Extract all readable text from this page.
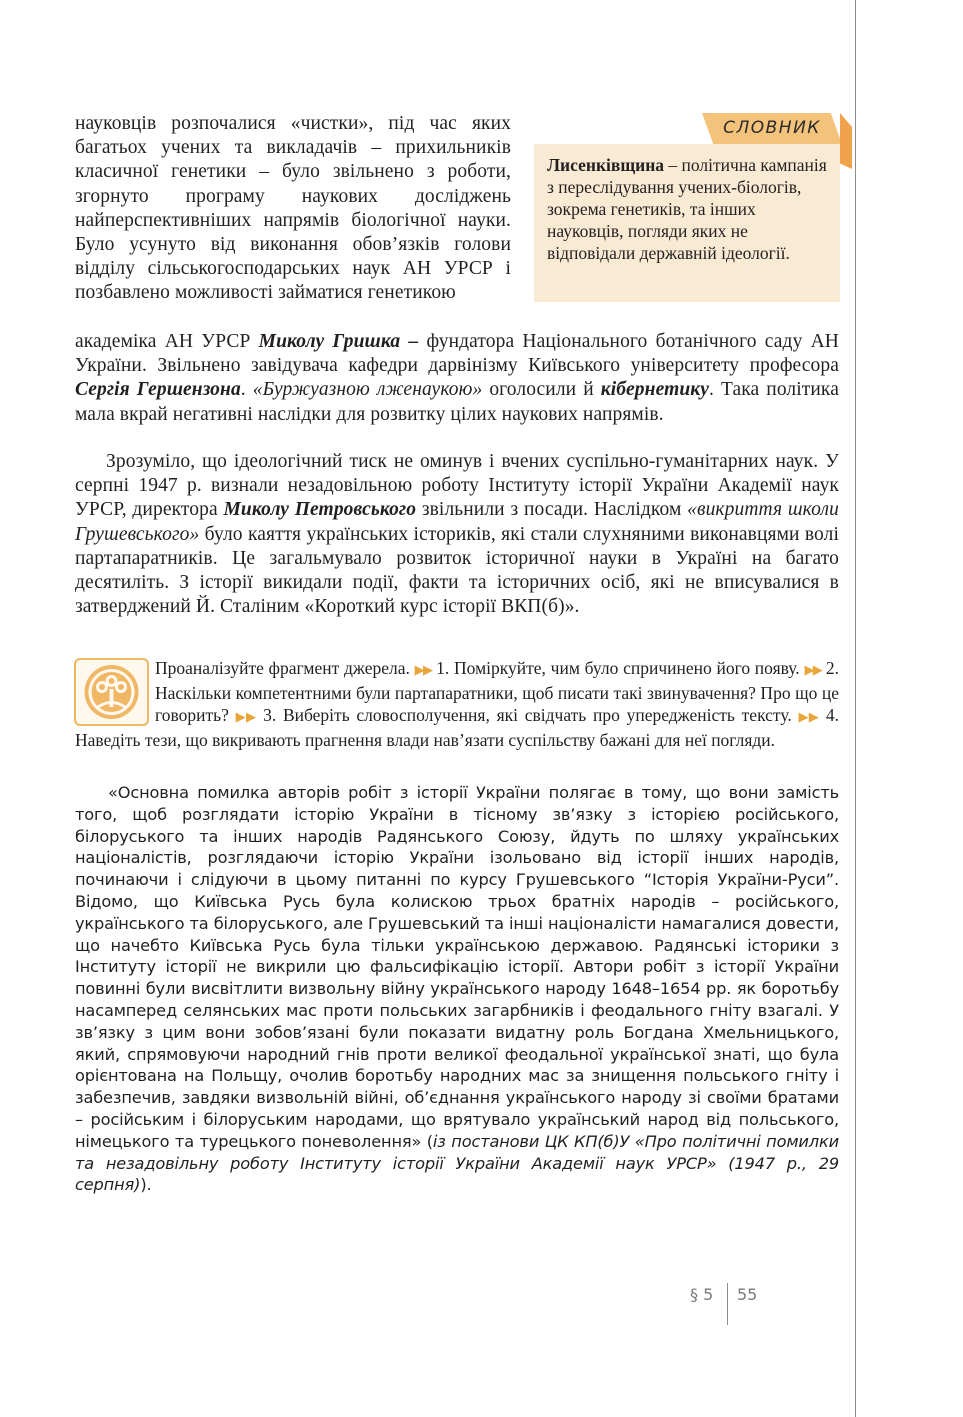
науковців розпочалися «чистки», під час яких багатьох учених та викладачів – прихильників класичної генетики – було звільнено з роботи, згорнуто програму наукових досліджень найперспективніших напрямів біологічної науки. Було усунуто від виконання обов’язків голови відділу сільськогосподарських наук АН УРСР і позбавлено можливості займатися генетикою

СЛОВНИК

Лисенківщина – політична кампанія з переслідування учених-біологів, зокрема генетиків, та інших науковців, погляди яких не відповідали державній ідеології.

академіка АН УРСР Миколу Гришка – фундатора Національного ботанічного саду АН України. Звільнено завідувача кафедри дарвінізму Київського університету професора Сергія Гершензона. «Буржуазною лженаукою» оголосили й кібернетику. Така політика мала вкрай негативні наслідки для розвитку цілих наукових напрямів.

Зрозуміло, що ідеологічний тиск не оминув і вчених суспільно-гуманітарних наук. У серпні 1947 р. визнали незадовільною роботу Інституту історії України Академії наук УРСР, директора Миколу Петровського звільнили з посади. Наслідком «викриття школи Грушевського» було каяття українських істориків, які стали слухняними виконавцями волі партапаратників. Це загальмувало розвиток історичної науки в Україні на багато десятиліть. З історії викидали події, факти та історичних осіб, які не вписувалися в затверджений Й. Сталіним «Короткий курс історії ВКП(б)».

Проаналізуйте фрагмент джерела. ▶▶ 1. Поміркуйте, чим було спричинено його появу. ▶▶ 2. Наскільки компетентними були партапаратники, щоб писати такі звинувачення? Про що це говорить? ▶▶ 3. Виберіть словосполучення, які свідчать про упередженість тексту. ▶▶ 4. Наведіть тези, що викривають прагнення влади нав’язати суспільству бажані для неї погляди.

«Основна помилка авторів робіт з історії України полягає в тому, що вони замість того, щоб розглядати історію України в тісному зв’язку з історією російського, білоруського та інших народів Радянського Союзу, йдуть по шляху українських націоналістів, розглядаючи історію України ізольовано від історії інших народів, починаючи і слідуючи в цьому питанні по курсу Грушевського “Історія України-Руси”. Відомо, що Київська Русь була колискою трьох братніх народів – російського, українського та білоруського, але Грушевський та інші націоналісти намагалися довести, що начебто Київська Русь була тільки українською державою. Радянські історики з Інституту історії не викрили цю фальсифікацію історії. Автори робіт з історії України повинні були висвітлити визвольну війну українського народу 1648–1654 рр. як боротьбу насамперед селянських мас проти польських загарбників і феодального гніту взагалі. У зв’язку з цим вони зобов’язані були показати видатну роль Богдана Хмельницького, який, спрямовуючи народний гнів проти великої феодальної української знаті, що була орієнтована на Польщу, очолив боротьбу народних мас за знищення польського гніту і забезпечив, завдяки визвольній війні, об’єднання українського народу зі своїми братами – російським і білоруським народами, що врятувало український народ від польського, німецького та турецького поневолення» (із постанови ЦК КП(б)У «Про політичні помилки та незадовільну роботу Інституту історії України Академії наук УРСР» (1947 р., 29 серпня)).

§ 5 55
